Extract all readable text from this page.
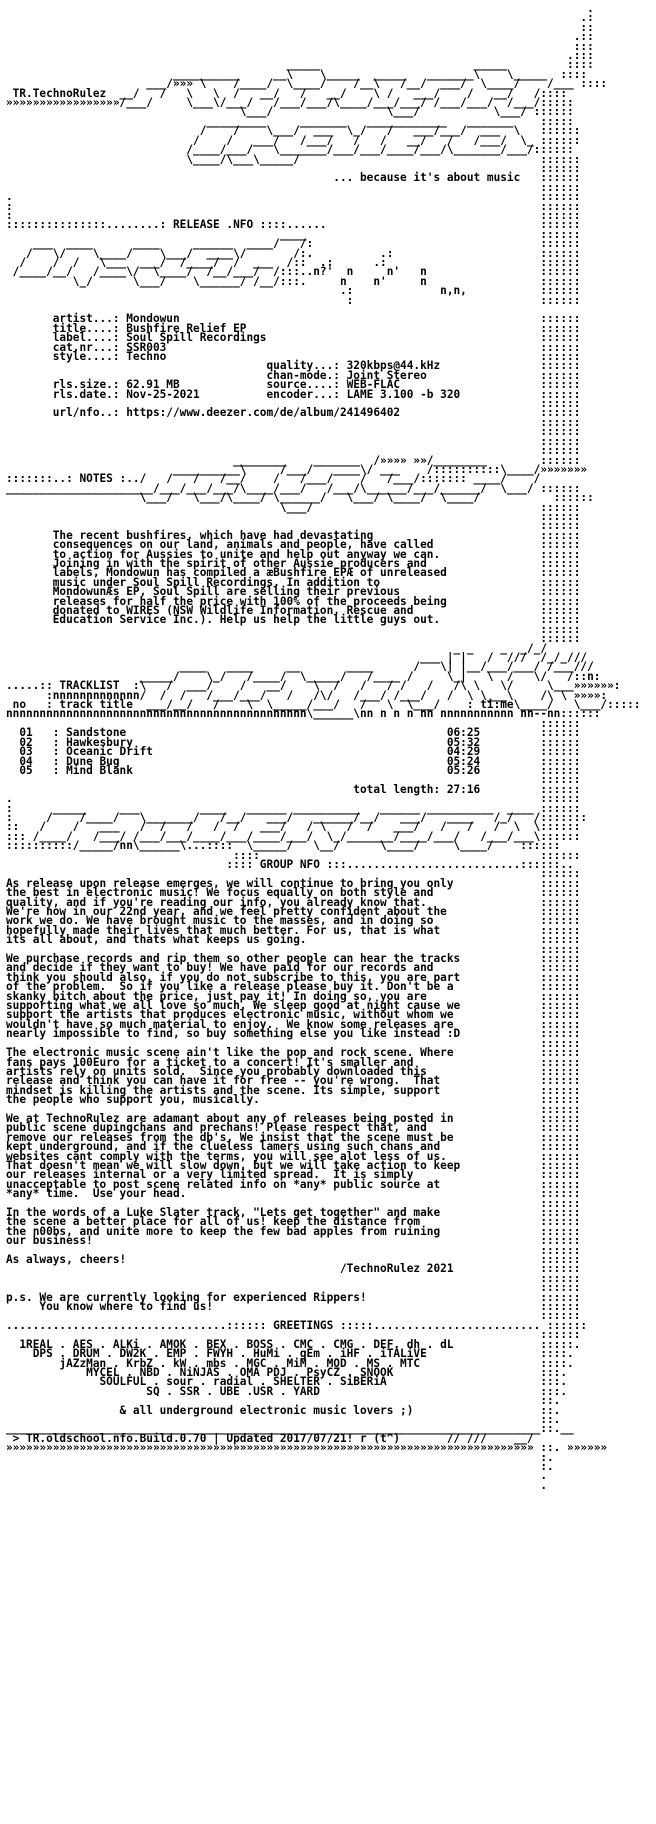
.
.:
::
.::
:::
.:::
_____                       _____         ::::
__________     __\    \_____  _____   _______\    \_____  ::::
___/»»» \    /____/  \____/    /__\   /__/  ___/  \____/    /___ ::::
TR.TechnoRulez  __/   /   \   \  /   __/   /   __/    \ /   ___/    /   __/   /::::
»»»»»»»»»»»»»»»»»/___/     \___\/___/   /___/___/\____/___/___/ /___/___/  /___/:::::
\___/                 \___/           \___/ ::::::
_________     _______   ____________   _______    :::::
/    /    \___/  ___  \_/   /   ___/___/  ___  \   ::::::
/    /   ___/   /___/   /   /   __/   /   /___/  \_ ::::::
/____/___/   \_______/___/___/____/___/\_______/___/::::::
\____/\___\_____/                                    ::::::
::::::
... because it's about music   ::::::
::::::
.                                                                               ::::::
:                                                                               ::::::
:                                                                               ::::::
:::::::::::::::........: RELEASE .NFO ::::......                                ::::::
____                                   ::::::
___  ____      ____     ______  ____/   /:                                  ::::::
/   \/    \____/    \___/  ____\/       /:.          .:                      ::::::
/    /  /   \___  ___/  /____/  /  ___  /::  .:      .:                       ::::::
/____/__/   /____\/  \____/  /__/___/  /:::..n?'  n     n'   n                 ::::::
\_/      \___/    \______/ /__/:::.     n    n'     n                 ::::::
.:             n,n,           ::::::
:                            ::::::

artist...: Mondowun                                                      ::::::
title....: Bushfire Relief EP                                            ::::::
label....: Soul Spill Recordings                                         ::::::
cat.nr...: SSR003                                                        ::::::
style....: Techno                                                        ::::::
quality...: 320kbps@44.kHz               ::::::
chan-mode.: Joint Stereo                 ::::::
rls.size.: 62.91 MB             source....: WEB-FLAC                     ::::::
rls.date.: Nov-25-2021          encoder...: LAME 3.100 -b 320            ::::::
::::::
url/nfo..: https://www.deezer.com/de/album/241496402                     ::::::
::::::
::::::
::::::
::::::
________    _______  /»»»» »»/________        ::::::
__________\     /___/   ____\/ ___    /::::::::::\____/»»»»»»»
:::::::..: NOTES :../   /   /   /__/    /   /___/    /   /___/::::::: ____/    /
______________________/___/___/___/\____/___/   /___/\______/___/______/  \___/ ::::::
\___/   \___/\____/ \______/   \___/ \____/  \____/           ::::::
\___/                                  ::::::
::::::
::::::
The recent bushfires, which have had devastating                         ::::::
consequences on our land, animals and people, have called                ::::::
to action for Aussies to unite and help out anyway we can.               ::::::
Joining in with the spirit of other Aussie producers and                 ::::::
labels, Mondowun has compiled a æBushfire EPÆ of unreleased              ::::::
music under Soul Spill Recordings. In addition to                        ::::::
MondowunÆs EP, Soul Spill are selling their previous                     ::::::
releases for half the price with 100% of the proceeds being              ::::::
donated to WIRES (NSW Wildlife Information, Rescue and                   ::::::
Education Service Inc.). Help us help the little guys out.               ::::::
::::::
::::::
_ _    _  _/_/
___ | |   /  ///  /_/_///
____   ____     __       ____      /   \| |__/___/___/ /___///
_____/    \_/   /____/  \_____/   /____ /     \_|   \  /   \/   /::n:
.....:: TRACKLIST  :\   /  ___/    /   __/    \  /   /   / /   /   /\ \   \/     \___»»»»»»:
:nnnnnnnnnnnnn/  /  /   /___/___/   /   /\/   /___/ /___/   /  \ \___\    /\ \ »»»»:
no   : track title  ___/__/   /    \  \_____/___/   /   \  \___/    : ti:me\____/   \___/:::::
nnnnnnnnnnnnnnnnnnnnnnnnnnnnnnnnnnnnnnnnnnnnn\______\nn n n n nn nnnnnnnnnnn nn--nn::::::
::::::
01   : Sandstone                                                06:25         ::::::
02   : Hawkesbury                                               05:32         ::::::
03   : Oceanic Drift                                            04:29         ::::::
04   : Dune Bug                                                 05:24         ::::::
05   : Mind Blank                                               05:26         ::::::
::::::
total length: 27:16         ::::::
.                                                                               ::::::
:      _____     ___         ____   ______ __________   ______ __________  ____ ::::::
:     /    /____/   \_______/   /__/   ___/   ______/__/   ___/   ____   /_/   /:::::::
::   /    /   ___   /  /   /   /  /   ___/   / \   /  /   ___/   /   /   /  \  \::::::
::: /____/   /___/ /___/___/____/___/____/___/  \_/_______/____/___/   /___/___\::::::
::::::::::/_____/nn\______\...::::  \_____/   \__/      \____/     \____/    ::::::
::::                                          ::::::
:::: GROUP NFO :::..........................::::::..
::::::
As release upon release emerges, we will continue to bring you only             ::::::
the best in electronic music! We focus equally on both style and                ::::::
quality, and if you're reading our info, you already know that.                 ::::::
We're now in our 22nd year, and we feel pretty confident about the              ::::::
work we do. We have brought music to the masses, and in doing so                ::::::
hopefully made their lives that much better. For us, that is what               ::::::
its all about, and thats what keeps us going.                                   ::::::
::::::
We purchase records and rip them so other people can hear the tracks            ::::::
and decide if they want to buy! We have paid for our records and                ::::::
think you should also, if you do not subscribe to this, you are part            ::::::
of the problem.  So if you like a release please buy it. Don't be a             ::::::
skanky bitch about the price, just pay it! In doing so, you are                 ::::::
supporting what we all love so much. We sleep good at night cause we            ::::::
support the artists that produces electronic music, without whom we             ::::::
wouldn't have so much material to enjoy.  We know some releases are             ::::::
nearly impossible to find, so buy something else you like instead :D            ::::::
::::::
The electronic music scene ain't like the pop and rock scene. Where             ::::::
fans pays 100Euro for a ticket to a concert! It's smaller and                   ::::::
artists rely on units sold.  Since you probably downloaded this                 ::::::
release and think you can have it for free -- you're wrong.  That               ::::::
mindset is killing the artists and the scene. Its simple, support               ::::::
the people who support you, musically.                                          ::::::
::::::
We at TechnoRulez are adamant about any of releases being posted in             ::::::
public scene dupingchans and prechans! Please respect that, and                 ::::::
remove our releases from the db's. We insist that the scene must be             ::::::
kept underground, and if the clueless lamers using such chans and               ::::::
websites cant comply with the terms, you will see alot less of us.              ::::::
That doesn't mean we will slow down, but we will take action to keep            ::::::
our releases internal or a very limited spread.  It is simply                   ::::::
unacceptable to post scene related info on *any* public source at               ::::::
*any* time.  Use your head.                                                     ::::::
::::::
In the words of a Luke Slater track, "Lets get together" and make               ::::::
the scene a better place for all of us! keep the distance from                  ::::::
the n00bs, and unite more to keep the few bad apples from ruining               ::::::
our business!                                                                   ::::::
::::::
As always, cheers!                                                              ::::::
/TechnoRulez 2021             ::::::
::::::
::::::
p.s. We are currently looking for experienced Rippers!                          ::::::
You know where to find us!                                                 ::::::
::::::
.................................:::::: GREETINGS :::::......................... ::::::
::::::
1REAL . AES . ALKi . AMOK . BEX . BOSS . CMC . CMG . DEF. dh . dL             :::::.
DPS . DRUM . DW2K . EMP . FWYH . HuMi . gEm . iHF . iTALiVE                 ::::.
jAZzMan . KrbZ . kW . mbs . MGC . MiM . MOD . MS . MTC                  ::::.
MYCEL . NBD . NiNJAS . OMA PDJ . PsyCZ . SNOOK                      :::.
SOULFUL . sour . radial . SHELTER . SiBERiA                       :::.
SQ . SSR . UBE .USR . YARD                                 :::.
::.
& all underground electronic music lovers ;)                   ::.
::.
________________________________________________________________________________::.__
> TR.oldschool.nfo.Build.0.70 | Updated 2017/07/21! r (t^)       // ///    __/
»»»»»»»»»»»»»»»»»»»»»»»»»»»»»»»»»»»»»»»»»»»»»»»»»»»»»»»»»»»»»»»»»»»»»»»»»»»»»»» ::. »»»»»»
:.
:.
.
.
